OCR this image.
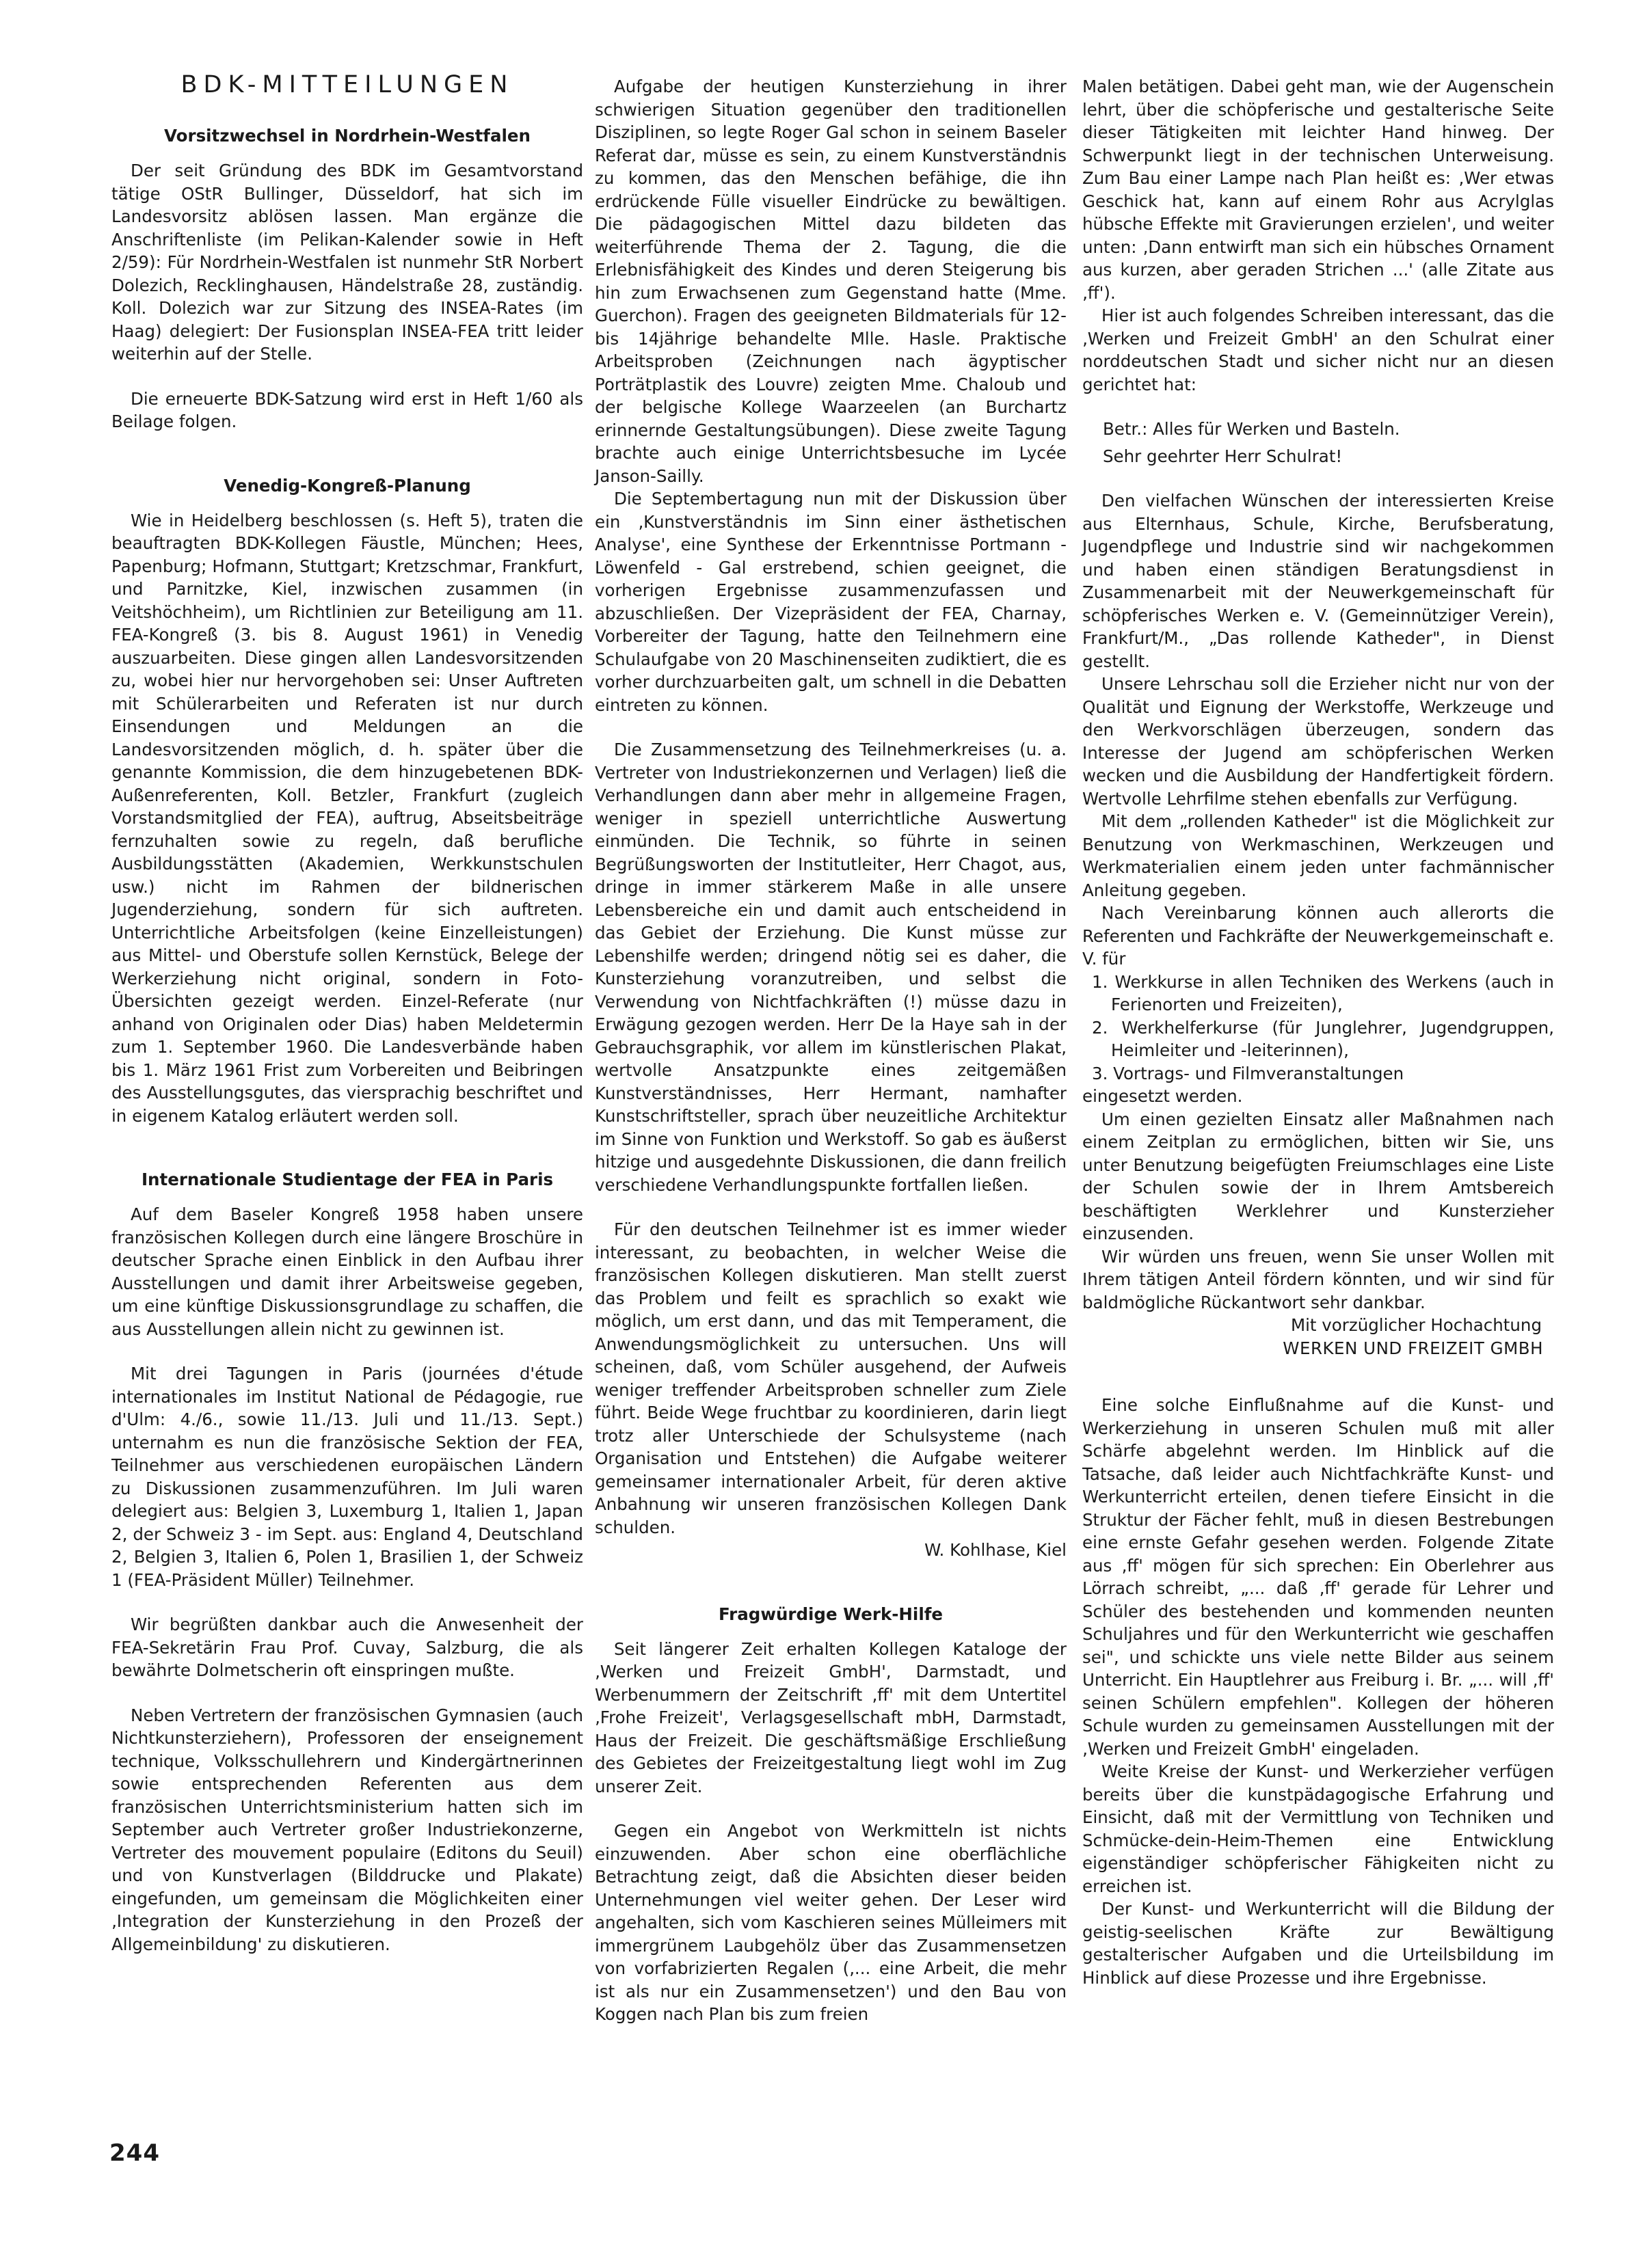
BDK-MITTEILUNGEN
Vorsitzwechsel in Nordrhein-Westfalen

Der seit Gründung des BDK im Gesamtvorstand tätige OStR Bullinger, Düsseldorf, hat sich im Landesvorsitz ablösen lassen. Man ergänze die Anschriftenliste (im Pelikan-Kalender sowie in Heft 2/59): Für Nordrhein-Westfalen ist nunmehr StR Norbert Dolezich, Recklinghausen, Händelstraße 28, zuständig. Koll. Dolezich war zur Sitzung des INSEA-Rates (im Haag) delegiert: Der Fusionsplan INSEA-FEA tritt leider weiterhin auf der Stelle.

Die erneuerte BDK-Satzung wird erst in Heft 1/60 als Beilage folgen.

Venedig-Kongreß-Planung

Wie in Heidelberg beschlossen (s. Heft 5), traten die beauftragten BDK-Kollegen Fäustle, München; Hees, Papenburg; Hofmann, Stuttgart; Kretzschmar, Frankfurt, und Parnitzke, Kiel, inzwischen zusammen (in Veitshöchheim), um Richtlinien zur Beteiligung am 11. FEA-Kongreß (3. bis 8. August 1961) in Venedig auszuarbeiten. Diese gingen allen Landesvorsitzenden zu, wobei hier nur hervorgehoben sei: Unser Auftreten mit Schülerarbeiten und Referaten ist nur durch Einsendungen und Meldungen an die Landesvorsitzenden möglich, d. h. später über die genannte Kommission, die dem hinzugebetenen BDK-Außenreferenten, Koll. Betzler, Frankfurt (zugleich Vorstandsmitglied der FEA), auftrug, Abseitsbeiträge fernzuhalten sowie zu regeln, daß berufliche Ausbildungsstätten (Akademien, Werkkunstschulen usw.) nicht im Rahmen der bildnerischen Jugenderziehung, sondern für sich auftreten. Unterrichtliche Arbeitsfolgen (keine Einzelleistungen) aus Mittel- und Oberstufe sollen Kernstück, Belege der Werkerziehung nicht original, sondern in Foto-Übersichten gezeigt werden. Einzel-Referate (nur anhand von Originalen oder Dias) haben Meldetermin zum 1. September 1960. Die Landesverbände haben bis 1. März 1961 Frist zum Vorbereiten und Beibringen des Ausstellungsgutes, das viersprachig beschriftet und in eigenem Katalog erläutert werden soll.

Internationale Studientage der FEA in Paris

Auf dem Baseler Kongreß 1958 haben unsere französischen Kollegen durch eine längere Broschüre in deutscher Sprache einen Einblick in den Aufbau ihrer Ausstellungen und damit ihrer Arbeitsweise gegeben, um eine künftige Diskussionsgrundlage zu schaffen, die aus Ausstellungen allein nicht zu gewinnen ist.

Mit drei Tagungen in Paris (journées d'étude internationales im Institut National de Pédagogie, rue d'Ulm: 4./6., sowie 11./13. Juli und 11./13. Sept.) unternahm es nun die französische Sektion der FEA, Teilnehmer aus verschiedenen europäischen Ländern zu Diskussionen zusammenzuführen. Im Juli waren delegiert aus: Belgien 3, Luxemburg 1, Italien 1, Japan 2, der Schweiz 3 - im Sept. aus: England 4, Deutschland 2, Belgien 3, Italien 6, Polen 1, Brasilien 1, der Schweiz 1 (FEA-Präsident Müller) Teilnehmer.

Wir begrüßten dankbar auch die Anwesenheit der FEA-Sekretärin Frau Prof. Cuvay, Salzburg, die als bewährte Dolmetscherin oft einspringen mußte.

Neben Vertretern der französischen Gymnasien (auch Nichtkunsterziehern), Professoren der enseignement technique, Volksschullehrern und Kindergärtnerinnen sowie entsprechenden Referenten aus dem französischen Unterrichtsministerium hatten sich im September auch Vertreter großer Industriekonzerne, Vertreter des mouvement populaire (Editons du Seuil) und von Kunstverlagen (Bilddrucke und Plakate) eingefunden, um gemeinsam die Möglichkeiten einer ‚Integration der Kunsterziehung in den Prozeß der Allgemeinbildung' zu diskutieren.

Aufgabe der heutigen Kunsterziehung in ihrer schwierigen Situation gegenüber den traditionellen Disziplinen, so legte Roger Gal schon in seinem Baseler Referat dar, müsse es sein, zu einem Kunstverständnis zu kommen, das den Menschen befähige, die ihn erdrückende Fülle visueller Eindrücke zu bewältigen. Die pädagogischen Mittel dazu bildeten das weiterführende Thema der 2. Tagung, die die Erlebnisfähigkeit des Kindes und deren Steigerung bis hin zum Erwachsenen zum Gegenstand hatte (Mme. Guerchon). Fragen des geeigneten Bildmaterials für 12- bis 14jährige behandelte Mlle. Hasle. Praktische Arbeitsproben (Zeichnungen nach ägyptischer Porträtplastik des Louvre) zeigten Mme. Chaloub und der belgische Kollege Waarzeelen (an Burchartz erinnernde Gestaltungsübungen). Diese zweite Tagung brachte auch einige Unterrichtsbesuche im Lycée Janson-Sailly.

Die Septembertagung nun mit der Diskussion über ein ‚Kunstverständnis im Sinn einer ästhetischen Analyse', eine Synthese der Erkenntnisse Portmann - Löwenfeld - Gal erstrebend, schien geeignet, die vorherigen Ergebnisse zusammenzufassen und abzuschließen. Der Vizepräsident der FEA, Charnay, Vorbereiter der Tagung, hatte den Teilnehmern eine Schulaufgabe von 20 Maschinenseiten zudiktiert, die es vorher durchzuarbeiten galt, um schnell in die Debatten eintreten zu können.

Die Zusammensetzung des Teilnehmerkreises (u. a. Vertreter von Industriekonzernen und Verlagen) ließ die Verhandlungen dann aber mehr in allgemeine Fragen, weniger in speziell unterrichtliche Auswertung einmünden. Die Technik, so führte in seinen Begrüßungsworten der Institutleiter, Herr Chagot, aus, dringe in immer stärkerem Maße in alle unsere Lebensbereiche ein und damit auch entscheidend in das Gebiet der Erziehung. Die Kunst müsse zur Lebenshilfe werden; dringend nötig sei es daher, die Kunsterziehung voranzutreiben, und selbst die Verwendung von Nichtfachkräften (!) müsse dazu in Erwägung gezogen werden. Herr De la Haye sah in der Gebrauchsgraphik, vor allem im künstlerischen Plakat, wertvolle Ansatzpunkte eines zeitgemäßen Kunstverständnisses, Herr Hermant, namhafter Kunstschriftsteller, sprach über neuzeitliche Architektur im Sinne von Funktion und Werkstoff. So gab es äußerst hitzige und ausgedehnte Diskussionen, die dann freilich verschiedene Verhandlungspunkte fortfallen ließen.

Für den deutschen Teilnehmer ist es immer wieder interessant, zu beobachten, in welcher Weise die französischen Kollegen diskutieren. Man stellt zuerst das Problem und feilt es sprachlich so exakt wie möglich, um erst dann, und das mit Temperament, die Anwendungsmöglichkeit zu untersuchen. Uns will scheinen, daß, vom Schüler ausgehend, der Aufweis weniger treffender Arbeitsproben schneller zum Ziele führt. Beide Wege fruchtbar zu koordinieren, darin liegt trotz aller Unterschiede der Schulsysteme (nach Organisation und Entstehen) die Aufgabe weiterer gemeinsamer internationaler Arbeit, für deren aktive Anbahnung wir unseren französischen Kollegen Dank schulden.

W. Kohlhase, Kiel

Fragwürdige Werk-Hilfe

Seit längerer Zeit erhalten Kollegen Kataloge der ‚Werken und Freizeit GmbH', Darmstadt, und Werbenummern der Zeitschrift ‚ff' mit dem Untertitel ‚Frohe Freizeit', Verlagsgesellschaft mbH, Darmstadt, Haus der Freizeit. Die geschäftsmäßige Erschließung des Gebietes der Freizeitgestaltung liegt wohl im Zug unserer Zeit.

Gegen ein Angebot von Werkmitteln ist nichts einzuwenden. Aber schon eine oberflächliche Betrachtung zeigt, daß die Absichten dieser beiden Unternehmungen viel weiter gehen. Der Leser wird angehalten, sich vom Kaschieren seines Mülleimers mit immergrünem Laubgehölz über das Zusammensetzen von vorfabrizierten Regalen (‚... eine Arbeit, die mehr ist als nur ein Zusammensetzen') und den Bau von Koggen nach Plan bis zum freien

Malen betätigen. Dabei geht man, wie der Augenschein lehrt, über die schöpferische und gestalterische Seite dieser Tätigkeiten mit leichter Hand hinweg. Der Schwerpunkt liegt in der technischen Unterweisung. Zum Bau einer Lampe nach Plan heißt es: ‚Wer etwas Geschick hat, kann auf einem Rohr aus Acrylglas hübsche Effekte mit Gravierungen erzielen', und weiter unten: ‚Dann entwirft man sich ein hübsches Ornament aus kurzen, aber geraden Strichen ...' (alle Zitate aus ‚ff').

Hier ist auch folgendes Schreiben interessant, das die ‚Werken und Freizeit GmbH' an den Schulrat einer norddeutschen Stadt und sicher nicht nur an diesen gerichtet hat:

Betr.: Alles für Werken und Basteln.

Sehr geehrter Herr Schulrat!

Den vielfachen Wünschen der interessierten Kreise aus Elternhaus, Schule, Kirche, Berufsberatung, Jugendpflege und Industrie sind wir nachgekommen und haben einen ständigen Beratungsdienst in Zusammenarbeit mit der Neuwerkgemeinschaft für schöpferisches Werken e. V. (Gemeinnütziger Verein), Frankfurt/M., „Das rollende Katheder", in Dienst gestellt.

Unsere Lehrschau soll die Erzieher nicht nur von der Qualität und Eignung der Werkstoffe, Werkzeuge und den Werkvorschlägen überzeugen, sondern das Interesse der Jugend am schöpferischen Werken wecken und die Ausbildung der Handfertigkeit fördern. Wertvolle Lehrfilme stehen ebenfalls zur Verfügung.

Mit dem „rollenden Katheder" ist die Möglichkeit zur Benutzung von Werkmaschinen, Werkzeugen und Werkmaterialien einem jeden unter fachmännischer Anleitung gegeben.

Nach Vereinbarung können auch allerorts die Referenten und Fachkräfte der Neuwerkgemeinschaft e. V. für

1. Werkkurse in allen Techniken des Werkens (auch in Ferienorten und Freizeiten),
2. Werkhelferkurse (für Junglehrer, Jugendgruppen, Heimleiter und -leiterinnen),
3. Vortrags- und Filmveranstaltungen

eingesetzt werden.

Um einen gezielten Einsatz aller Maßnahmen nach einem Zeitplan zu ermöglichen, bitten wir Sie, uns unter Benutzung beigefügten Freiumschlages eine Liste der Schulen sowie der in Ihrem Amtsbereich beschäftigten Werklehrer und Kunsterzieher einzusenden.

Wir würden uns freuen, wenn Sie unser Wollen mit Ihrem tätigen Anteil fördern könnten, und wir sind für baldmögliche Rückantwort sehr dankbar.

Mit vorzüglicher Hochachtung

WERKEN UND FREIZEIT GMBH

Eine solche Einflußnahme auf die Kunst- und Werkerziehung in unseren Schulen muß mit aller Schärfe abgelehnt werden. Im Hinblick auf die Tatsache, daß leider auch Nichtfachkräfte Kunst- und Werkunterricht erteilen, denen tiefere Einsicht in die Struktur der Fächer fehlt, muß in diesen Bestrebungen eine ernste Gefahr gesehen werden. Folgende Zitate aus ‚ff' mögen für sich sprechen: Ein Oberlehrer aus Lörrach schreibt, „... daß ‚ff' gerade für Lehrer und Schüler des bestehenden und kommenden neunten Schuljahres und für den Werkunterricht wie geschaffen sei", und schickte uns viele nette Bilder aus seinem Unterricht. Ein Hauptlehrer aus Freiburg i. Br. „... will ‚ff' seinen Schülern empfehlen". Kollegen der höheren Schule wurden zu gemeinsamen Ausstellungen mit der ‚Werken und Freizeit GmbH' eingeladen.

Weite Kreise der Kunst- und Werkerzieher verfügen bereits über die kunstpädagogische Erfahrung und Einsicht, daß mit der Vermittlung von Techniken und Schmücke-dein-Heim-Themen eine Entwicklung eigenständiger schöpferischer Fähigkeiten nicht zu erreichen ist.

Der Kunst- und Werkunterricht will die Bildung der geistig-seelischen Kräfte zur Bewältigung gestalterischer Aufgaben und die Urteilsbildung im Hinblick auf diese Prozesse und ihre Ergebnisse.

244
